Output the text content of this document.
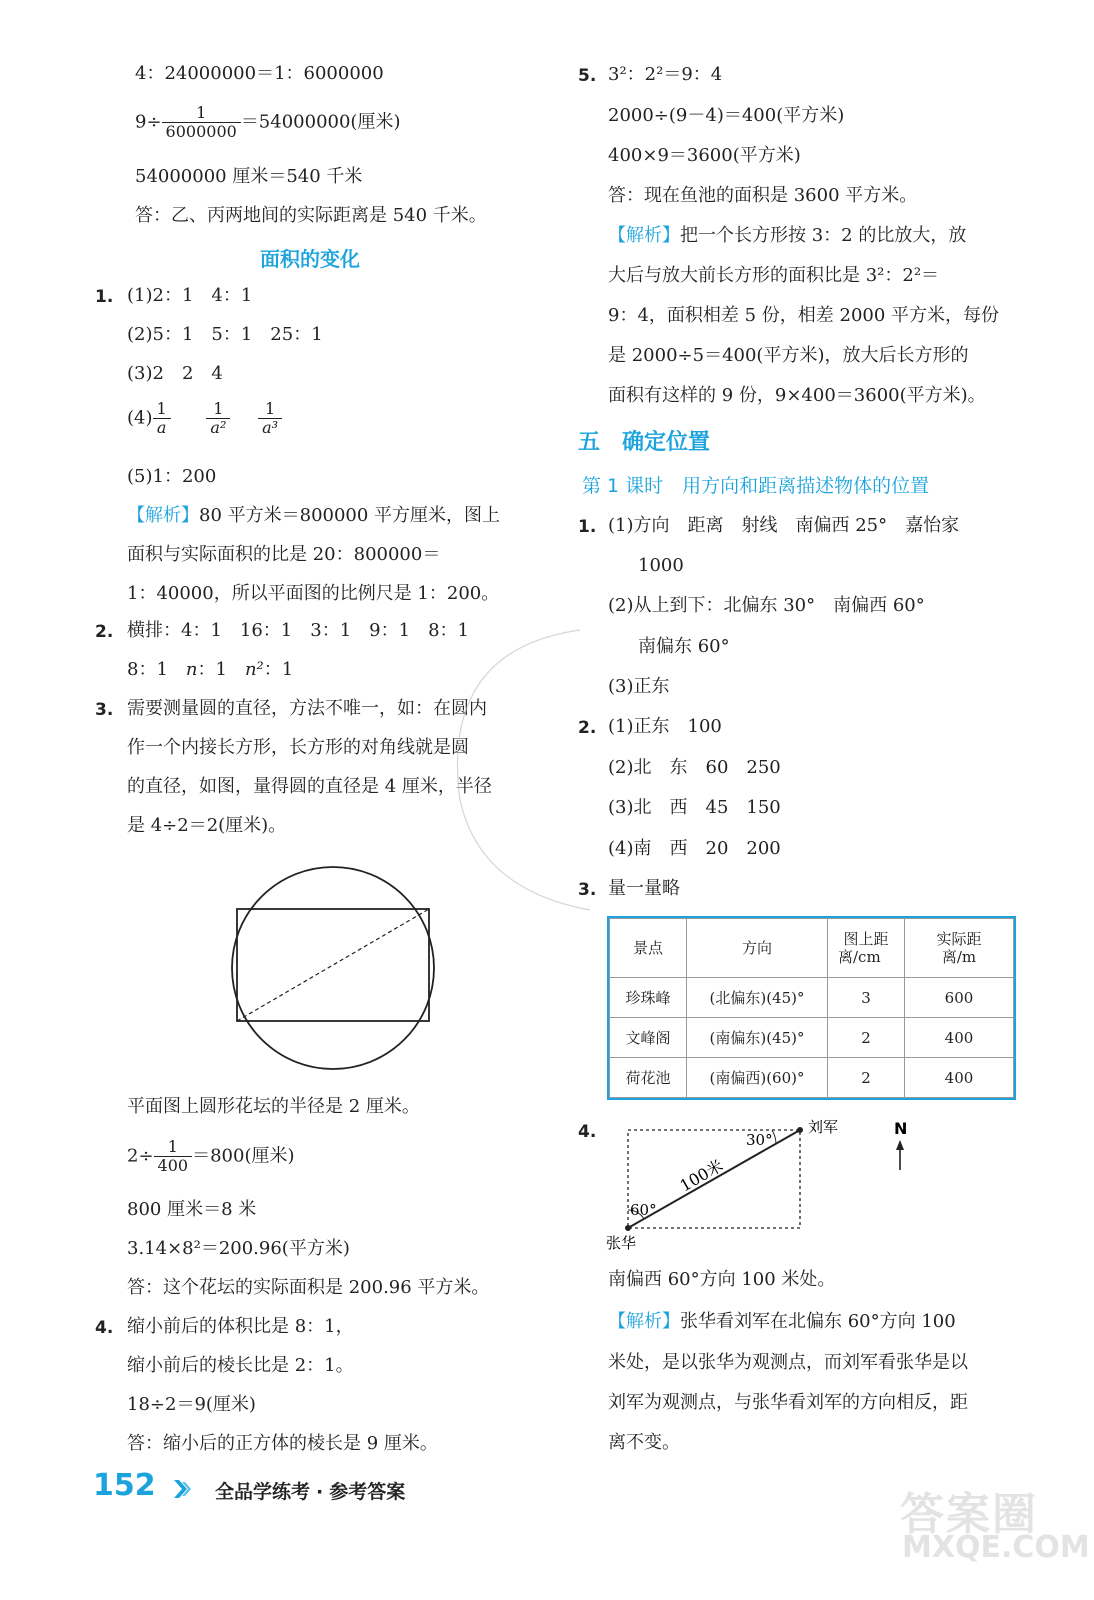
4：24000000＝1：6000000
$9\div \frac{1}{6000000} =54000000$(厘米)
54000000 厘米＝540 千米
答：乙、丙两地间的实际距离是 540 千米。
面积的变化
1. (1)2：1　4：1
(2)5：1　5：1　25：1
(3)2　2　4
$(4) \frac{1}{a}$
$\frac{1}{\text{a²}}$
$\frac{1}{\text{a³}}$
(5)1：200
【解析】80 平方米＝800000 平方厘米，图上
面积与实际面积的比是 20：800000＝
1：40000，所以平面图的比例尺是 1：200。
2. 横排：4：1　16：1　3：1　9：1　8：1
8：1　n：1　n²：1
3. 需要测量圆的直径，方法不唯一，如：在圆内
作一个内接长方形，长方形的对角线就是圆
的直径，如图，量得圆的直径是 4 厘米，半径
是 4÷2＝2(厘米)。
平面图上圆形花坛的半径是 2 厘米。
$2\div \frac{1}{400} =800$(厘米)
800 厘米＝8 米
3.14×8²＝200.96(平方米)
答：这个花坛的实际面积是 200.96 平方米。
4. 缩小前后的体积比是 8：1，
缩小前后的棱长比是 2：1。
18÷2＝9(厘米)
答：缩小后的正方体的棱长是 9 厘米。
5. 3²：2²＝9：4
2000÷(9－4)＝400(平方米)
400×9＝3600(平方米)
答：现在鱼池的面积是 3600 平方米。
【解析】把一个长方形按 3：2 的比放大，放
大后与放大前长方形的面积比是 3²：2²＝
9：4，面积相差 5 份，相差 2000 平方米，每份
是 2000÷5＝400(平方米)，放大后长方形的
面积有这样的 9 份，9×400＝3600(平方米)。
五　确定位置
第 1 课时　用方向和距离描述物体的位置
1. (1)方向　距离　射线　南偏西 25°　嘉怡家
1000
(2)从上到下：北偏东 30°　南偏西 60°
南偏东 60°
(3)正东
2. (1)正东　100
(2)北　东　60　250
(3)北　西　45　150
(4)南　西　20　200
3. 量一量略
景点	方向	图上距离/cm	实际距离/m

珍珠峰	(北偏东)(45)°	3	600
文峰阁	(南偏东)(45)°	2	400
荷花池	(南偏西)(60)°	2	400
4.	30°
60°
100米
刘军
张华
N
南偏西 60°方向 100 米处。
【解析】张华看刘军在北偏东 60°方向 100
米处，是以张华为观测点，而刘军看张华是以
刘军为观测点，与张华看刘军的方向相反，距
离不变。
152	全品学练考 · 参考答案	答案圈
MXQE.COM
